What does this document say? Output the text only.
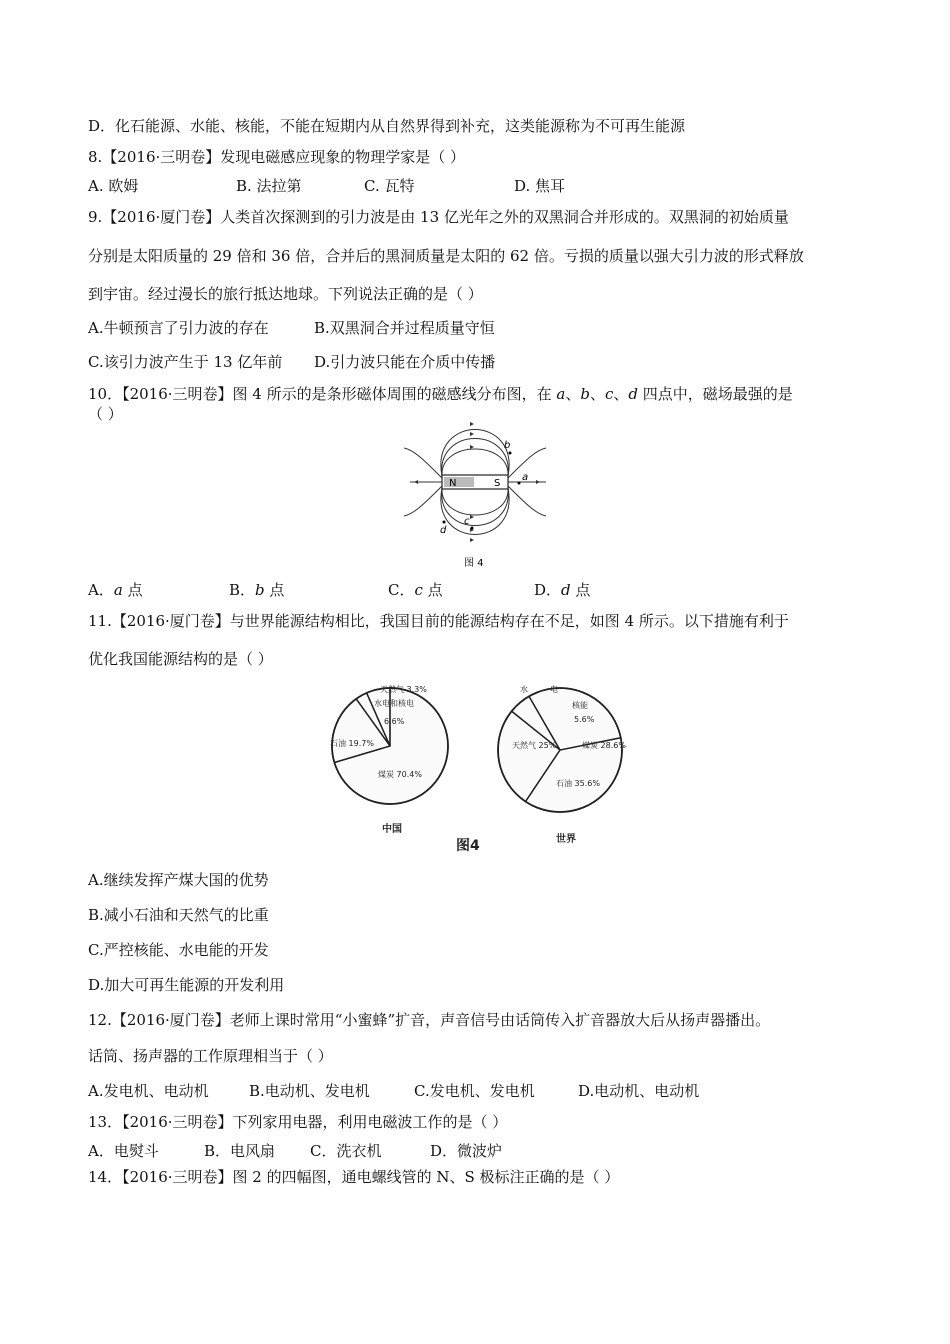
D．化石能源、水能、核能，不能在短期内从自然界得到补充，这类能源称为不可再生能源
8.【2016·三明卷】发现电磁感应现象的物理学家是（ ）
A. 欧姆	B. 法拉第	C. 瓦特	D. 焦耳
9.【2016·厦门卷】人类首次探测到的引力波是由 13 亿光年之外的双黑洞合并形成的。双黑洞的初始质量
分别是太阳质量的 29 倍和 36 倍，合并后的黑洞质量是太阳的 62 倍。亏损的质量以强大引力波的形式释放
到宇宙。经过漫长的旅行抵达地球。下列说法正确的是（ ）
A.牛顿预言了引力波的存在	B.双黑洞合并过程质量守恒
C.该引力波产生于 13 亿年前 D.引力波只能在介质中传播
10．【2016·三明卷】图 4 所示的是条形磁体周围的磁感线分布图，在 a、b、c、d 四点中，磁场最强的是
（ ）
N	S
a
b
c
d
图 4
A．a 点	B．b 点	C．c 点	D．d 点
11.【2016·厦门卷】与世界能源结构相比，我国目前的能源结构存在不足，如图 4 所示。以下措施有利于
优化我国能源结构的是（ ）
天然气 3.3%
水电和核电
6.6%
石油 19.7%
煤炭 70.4%
中国
水	电
核能
5.6%
天然气 25%	煤炭 28.6%
石油 35.6%
世界
图4
A.继续发挥产煤大国的优势
B.减小石油和天然气的比重
C.严控核能、水电能的开发
D.加大可再生能源的开发利用
12.【2016·厦门卷】老师上课时常用“小蜜蜂”扩音，声音信号由话筒传入扩音器放大后从扬声器播出。
话筒、扬声器的工作原理相当于（ ）
A.发电机、电动机	B.电动机、发电机	C.发电机、发电机	D.电动机、电动机
13．【2016·三明卷】下列家用电器，利用电磁波工作的是（ ）
A．电熨斗	B．电风扇 C．洗衣机	D．微波炉
14．【2016·三明卷】图 2 的四幅图，通电螺线管的 N、S 极标注正确的是（ ）
